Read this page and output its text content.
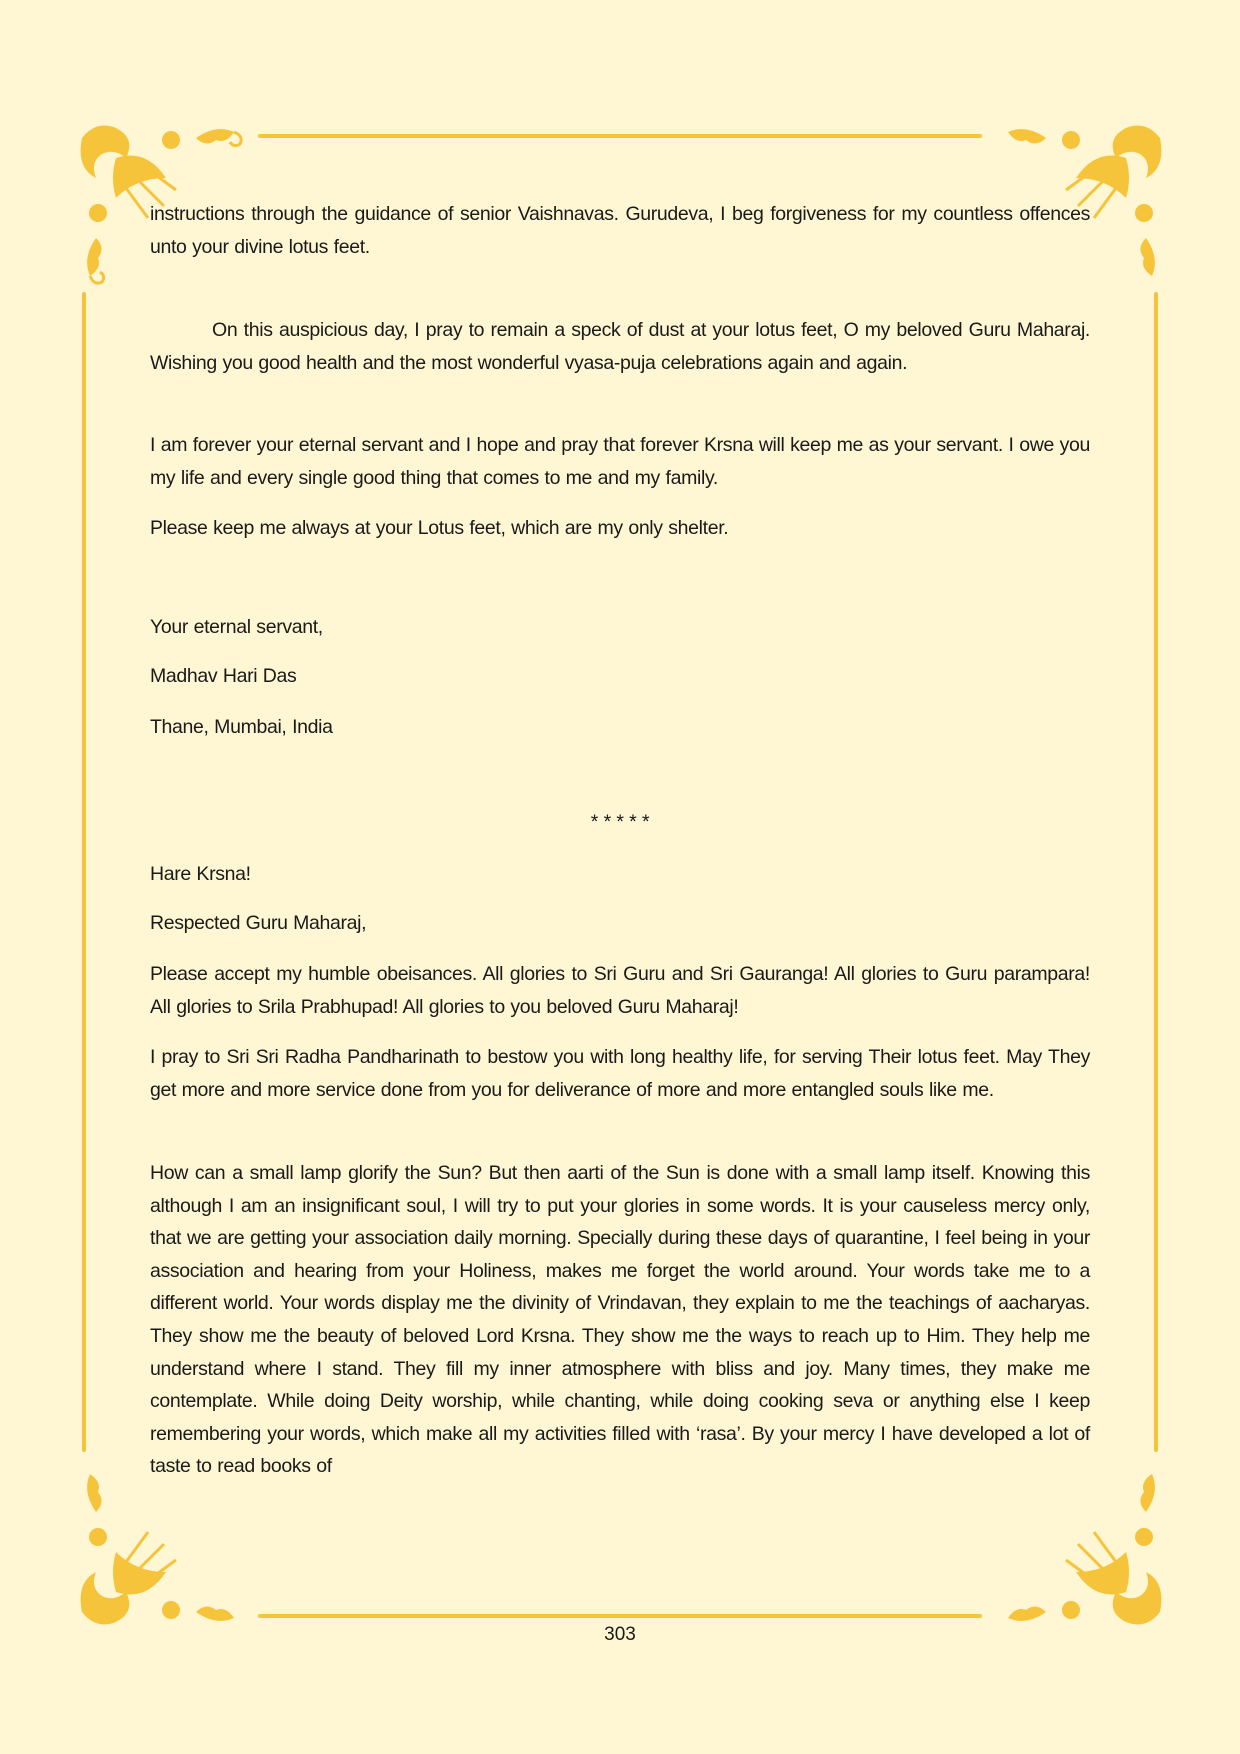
instructions through the guidance of senior Vaishnavas. Gurudeva, I beg forgiveness for my countless offences unto your divine lotus feet.

On this auspicious day, I pray to remain a speck of dust at your lotus feet, O my beloved Guru Maharaj. Wishing you good health and the most wonderful vyasa-puja celebrations again and again.

I am forever your eternal servant and I hope and pray that forever Krsna will keep me as your servant. I owe you my life and every single good thing that comes to me and my family.

Please keep me always at your Lotus feet, which are my only shelter.

Your eternal servant,

Madhav Hari Das

Thane, Mumbai, India

* * * * *

Hare Krsna!

Respected Guru Maharaj,

Please accept my humble obeisances. All glories to Sri Guru and Sri Gauranga! All glories to Guru parampara! All glories to Srila Prabhupad! All glories to you beloved Guru Maharaj!

I pray to Sri Sri Radha Pandharinath to bestow you with long healthy life, for serving Their lotus feet. May They get more and more service done from you for deliverance of more and more entangled souls like me.

How can a small lamp glorify the Sun? But then aarti of the Sun is done with a small lamp itself. Knowing this although I am an insignificant soul, I will try to put your glories in some words. It is your causeless mercy only, that we are getting your association daily morning. Specially during these days of quarantine, I feel being in your association and hearing from your Holiness, makes me forget the world around. Your words take me to a different world. Your words display me the divinity of Vrindavan, they explain to me the teachings of aacharyas. They show me the beauty of beloved Lord Krsna. They show me the ways to reach up to Him. They help me understand where I stand. They fill my inner atmosphere with bliss and joy. Many times, they make me contemplate. While doing Deity worship, while chanting, while doing cooking seva or anything else I keep remembering your words, which make all my activities filled with ‘rasa’. By your mercy I have developed a lot of taste to read books of

303
